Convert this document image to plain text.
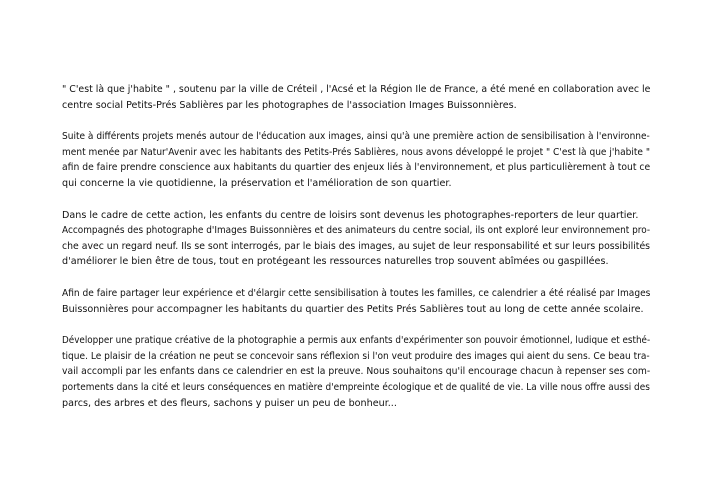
" C'est là que j'habite " , soutenu par la ville de Créteil , l'Acsé et la Région Ile de France, a été mené en collaboration avec le
centre social Petits-Prés Sablières par les photographes de l'association Images Buissonnières.

Suite à différents projets menés autour de l'éducation aux images, ainsi qu'à une première action de sensibilisation à l'environne-
ment menée par Natur'Avenir avec les habitants des Petits-Prés Sablières, nous avons développé le projet " C'est là que j'habite "
afin de faire prendre conscience aux habitants du quartier des enjeux liés à l'environnement, et plus particulièrement à tout ce
qui concerne la vie quotidienne, la préservation et l'amélioration de son quartier.

Dans le cadre de cette action, les enfants du centre de loisirs sont devenus les photographes-reporters de leur quartier.
Accompagnés des photographe d'Images Buissonnières et des animateurs du centre social, ils ont exploré leur environnement pro-
che avec un regard neuf. Ils se sont interrogés, par le biais des images, au sujet de leur responsabilité et sur leurs possibilités
d'améliorer le bien être de tous, tout en protégeant les ressources naturelles trop souvent abîmées ou gaspillées.

Afin de faire partager leur expérience et d'élargir cette sensibilisation à toutes les familles, ce calendrier a été réalisé par Images
Buissonnières pour accompagner les habitants du quartier des Petits Prés Sablières tout au long de cette année scolaire.

Développer une pratique créative de la photographie a permis aux enfants d'expérimenter son pouvoir émotionnel, ludique et esthé-
tique. Le plaisir de la création ne peut se concevoir sans réflexion si l'on veut produire des images qui aient du sens. Ce beau tra-
vail accompli par les enfants dans ce calendrier en est la preuve. Nous souhaitons qu'il encourage chacun à repenser ses com-
portements dans la cité et leurs conséquences en matière d'empreinte écologique et de qualité de vie. La ville nous offre aussi des
parcs, des arbres et des fleurs, sachons y puiser un peu de bonheur...
